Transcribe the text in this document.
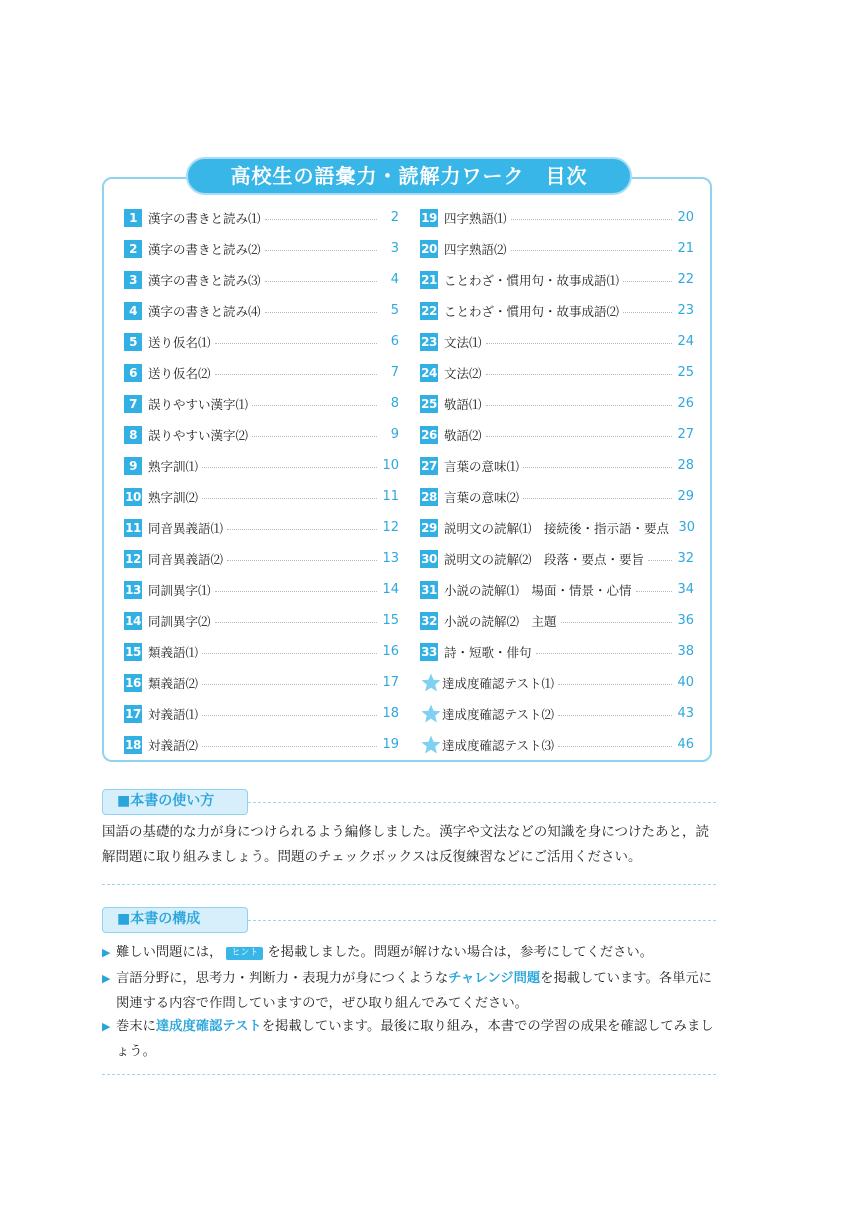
高校生の語彙力・読解力ワーク　目次
1 漢字の書きと読み⑴	2
2 漢字の書きと読み⑵	3
3 漢字の書きと読み⑶	4
4 漢字の書きと読み⑷	5
5 送り仮名⑴	6
6 送り仮名⑵	7
7 誤りやすい漢字⑴	8
8 誤りやすい漢字⑵	9
9 熟字訓⑴	10
10 熟字訓⑵	11
11 同音異義語⑴	12
12 同音異義語⑵	13
13 同訓異字⑴	14
14 同訓異字⑵	15
15 類義語⑴	16
16 類義語⑵	17
17 対義語⑴	18
18 対義語⑵	19
19 四字熟語⑴	20
20 四字熟語⑵	21
21 ことわざ・慣用句・故事成語⑴	22
22 ことわざ・慣用句・故事成語⑵	23
23 文法⑴	24
24 文法⑵	25
25 敬語⑴	26
26 敬語⑵	27
27 言葉の意味⑴	28
28 言葉の意味⑵	29
29 説明文の読解⑴　接続後・指示語・要点 30
30 説明文の読解⑵　段落・要点・要旨	32
31 小説の読解⑴　場面・情景・心情	34
32 小説の読解⑵　主題	36
33 詩・短歌・俳句	38
達成度確認テスト⑴	40
達成度確認テスト⑵	43
達成度確認テスト⑶	46
■本書の使い方
国語の基礎的な力が身につけられるよう編修しました。漢字や文法などの知識を身につけたあと，読解問題に取り組みましょう。問題のチェックボックスは反復練習などにご活用ください。
■本書の構成
▶ 難しい問題には， ヒント を掲載しました。問題が解けない場合は，参考にしてください。
▶ 言語分野に，思考力・判断力・表現力が身につくようなチャレンジ問題を掲載しています。各単元に関連する内容で作問していますので，ぜひ取り組んでみてください。
▶ 巻末に達成度確認テストを掲載しています。最後に取り組み，本書での学習の成果を確認してみましょう。
